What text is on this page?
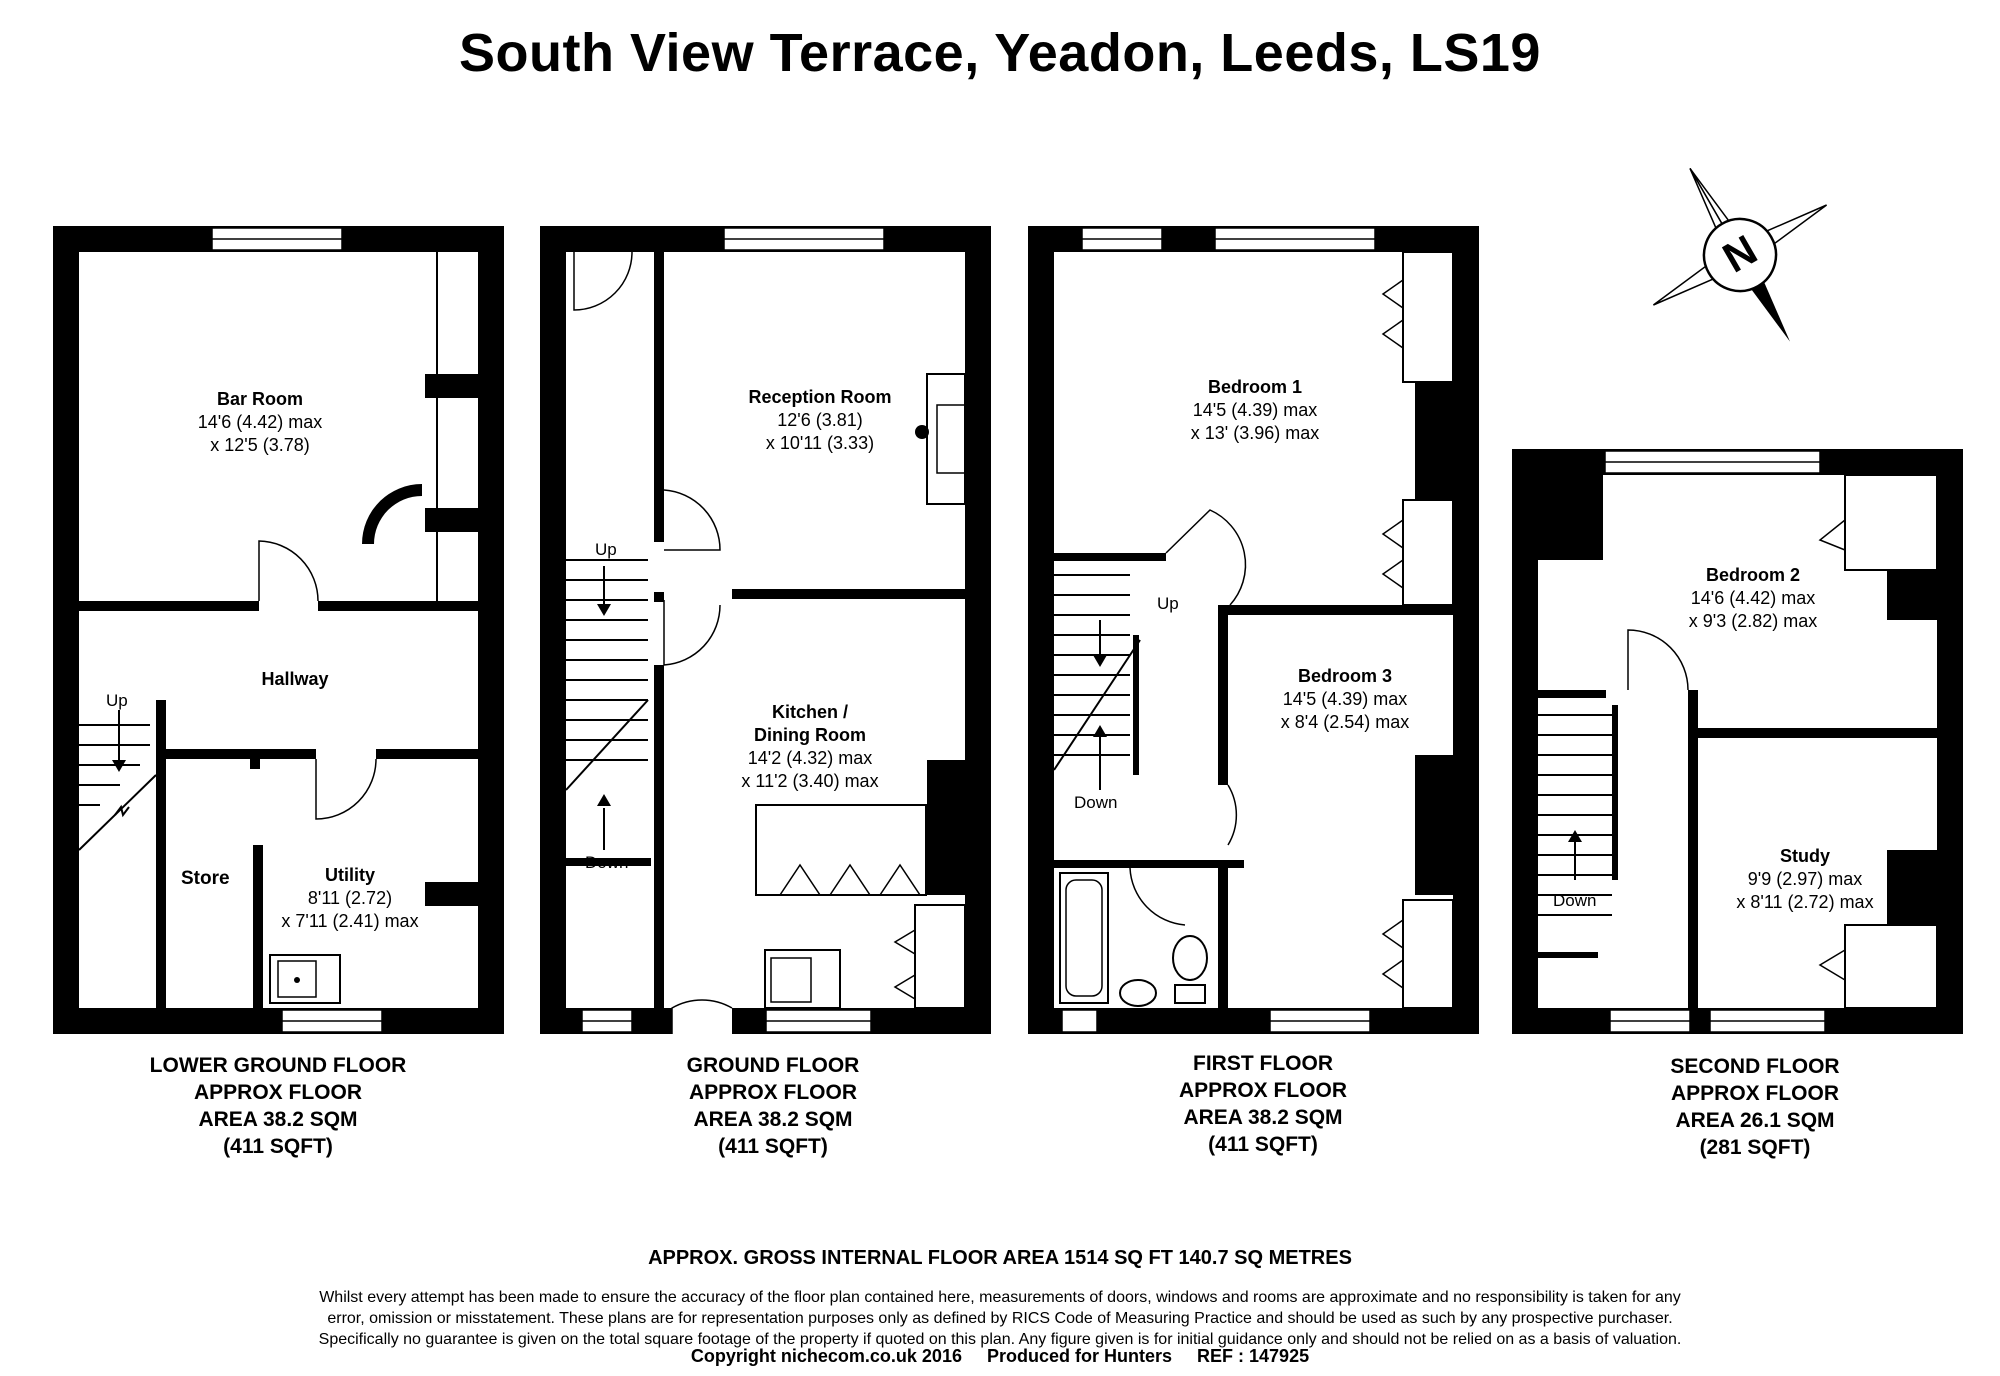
South View Terrace, Yeadon, Leeds, LS19
N
Bar Room
14'6 (4.42) max
x 12'5 (3.78)
Hallway
Store	Utility
8'11 (2.72)
x 7'11 (2.41) max
Up
Reception Room
12'6 (3.81)
x 10'11 (3.33)
Kitchen /
Dining Room
14'2 (4.32) max
x 11'2 (3.40) max
Up
Down
Bedroom 1
14'5 (4.39) max
x 13' (3.96) max
Bedroom 3
14'5 (4.39) max
x 8'4 (2.54) max
Up
Down
Bedroom 2
14'6 (4.42) max
x 9'3 (2.82) max
Study
9'9 (2.97) max
x 8'11 (2.72) max
Down
LOWER GROUND FLOOR
APPROX FLOOR
AREA 38.2 SQM
(411 SQFT)
GROUND FLOOR
APPROX FLOOR
AREA 38.2 SQM
(411 SQFT)
FIRST FLOOR
APPROX FLOOR
AREA 38.2 SQM
(411 SQFT)
SECOND FLOOR
APPROX FLOOR
AREA 26.1 SQM
(281 SQFT)
APPROX. GROSS INTERNAL FLOOR AREA 1514 SQ FT 140.7 SQ METRES
Whilst every attempt has been made to ensure the accuracy of the floor plan contained here, measurements of doors, windows and rooms are approximate and no responsibility is taken for any
error, omission or misstatement. These plans are for representation purposes only as defined by RICS Code of Measuring Practice and should be used as such by any prospective purchaser.
Specifically no guarantee is given on the total square footage of the property if quoted on this plan. Any figure given is for initial guidance only and should not be relied on as a basis of valuation.
Copyright nichecom.co.uk 2016 Produced for Hunters REF : 147925
